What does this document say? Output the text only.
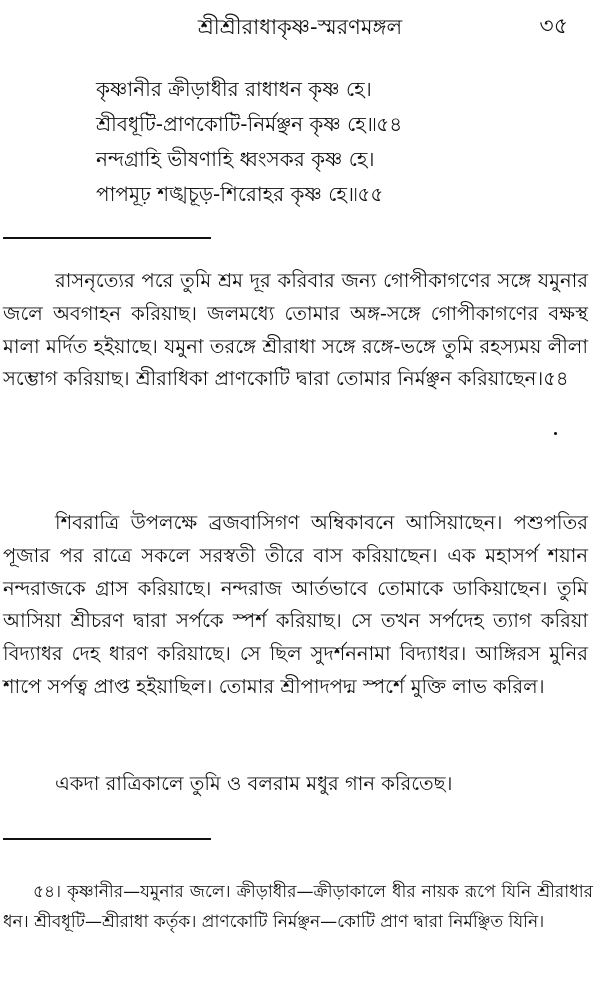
শ্রীশ্রীরাধাকৃষ্ণ-স্মরণমঙ্গল	৩৫
কৃষ্ণানীর ক্রীড়াধীর রাধাধন কৃষ্ণ হে।
শ্রীবধূটি-প্রাণকোটি-নির্মঞ্ছন কৃষ্ণ হে।৷৫৪
নন্দগ্রাহি ভীষণাহি ধ্বংসকর কৃষ্ণ হে।
পাপমূঢ় শঙ্খচূড়-শিরোহর কৃষ্ণ হে।৷৫৫

রাসনৃত্যের পরে তুমি শ্রম দূর করিবার জন্য গোপীকাগণের সঙ্গে যমুনার জলে অবগাহন করিয়াছ। জলমধ্যে তোমার অঙ্গ-সঙ্গে গোপীকাগণের বক্ষস্থ মালা মর্দিত হইয়াছে। যমুনা তরঙ্গে শ্রীরাধা সঙ্গে রঙ্গে-ভঙ্গে তুমি রহস্যময় লীলা সম্ভোগ করিয়াছ। শ্রীরাধিকা প্রাণকোটি দ্বারা তোমার নির্মঞ্ছন করিয়াছেন।৫৪

শিবরাত্রি উপলক্ষে ব্রজবাসিগণ অম্বিকাবনে আসিয়াছেন। পশুপতির পূজার পর রাত্রে সকলে সরস্বতী তীরে বাস করিয়াছেন। এক মহাসর্প শয়ান নন্দরাজকে গ্রাস করিয়াছে। নন্দরাজ আর্তভাবে তোমাকে ডাকিয়াছেন। তুমি আসিয়া শ্রীচরণ দ্বারা সর্পকে স্পর্শ করিয়াছ। সে তখন সর্পদেহ ত্যাগ করিয়া বিদ্যাধর দেহ ধারণ করিয়াছে। সে ছিল সুদর্শননামা বিদ্যাধর। আঙ্গিরস মুনির শাপে সর্পত্ব প্রাপ্ত হইয়াছিল। তোমার শ্রীপাদপদ্ম স্পর্শে মুক্তি লাভ করিল।

একদা রাত্রিকালে তুমি ও বলরাম মধুর গান করিতেছ।

৫৪। কৃষ্ণানীর—যমুনার জলে। ক্রীড়াধীর—ক্রীড়াকালে ধীর নায়ক রূপে যিনি শ্রীরাধার ধন। শ্রীবধূটি—শ্রীরাধা কর্তৃক। প্রাণকোটি নির্মঞ্ছন—কোটি প্রাণ দ্বারা নির্মঞ্ছিত যিনি।
